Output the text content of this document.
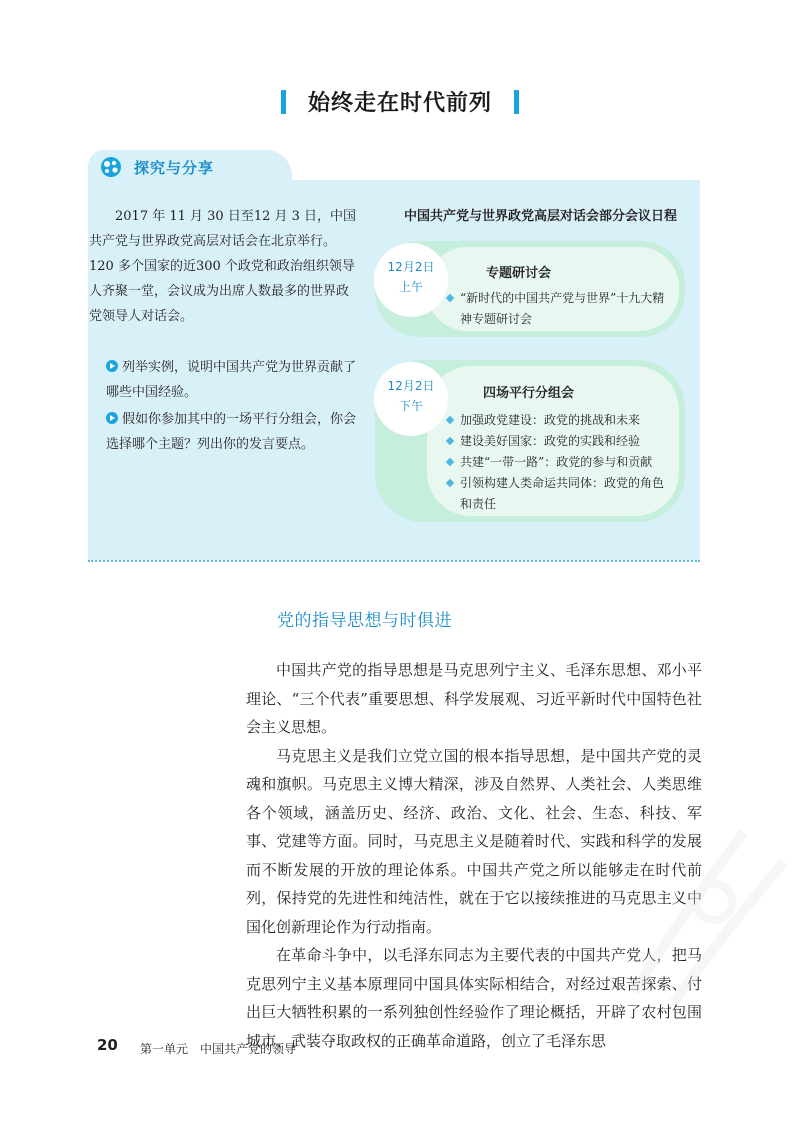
始终走在时代前列
探究与分享
2017 年 11 月 30 日至12 月 3 日，中国共产党与世界政党高层对话会在北京举行。120 多个国家的近300 个政党和政治组织领导人齐聚一堂，会议成为出席人数最多的世界政党领导人对话会。
列举实例，说明中国共产党为世界贡献了哪些中国经验。
假如你参加其中的一场平行分组会，你会选择哪个主题？列出你的发言要点。
中国共产党与世界政党高层对话会部分会议日程
12月2日
上午
专题研讨会
“新时代的中国共产党与世界”十九大精神专题研讨会
12月2日
下午
四场平行分组会
加强政党建设：政党的挑战和未来
建设美好国家：政党的实践和经验
共建“一带一路”：政党的参与和贡献
引领构建人类命运共同体：政党的角色和责任
党的指导思想与时俱进

中国共产党的指导思想是马克思列宁主义、毛泽东思想、邓小平理论、“三个代表”重要思想、科学发展观、习近平新时代中国特色社会主义思想。

马克思主义是我们立党立国的根本指导思想，是中国共产党的灵魂和旗帜。马克思主义博大精深，涉及自然界、人类社会、人类思维各个领域，涵盖历史、经济、政治、文化、社会、生态、科技、军事、党建等方面。同时，马克思主义是随着时代、实践和科学的发展而不断发展的开放的理论体系。中国共产党之所以能够走在时代前列，保持党的先进性和纯洁性，就在于它以接续推进的马克思主义中国化创新理论作为行动指南。

在革命斗争中，以毛泽东同志为主要代表的中国共产党人，把马克思列宁主义基本原理同中国具体实际相结合，对经过艰苦探索、付出巨大牺牲积累的一系列独创性经验作了理论概括，开辟了农村包围城市、武装夺取政权的正确革命道路，创立了毛泽东思

20 第一单元　中国共产党的领导
